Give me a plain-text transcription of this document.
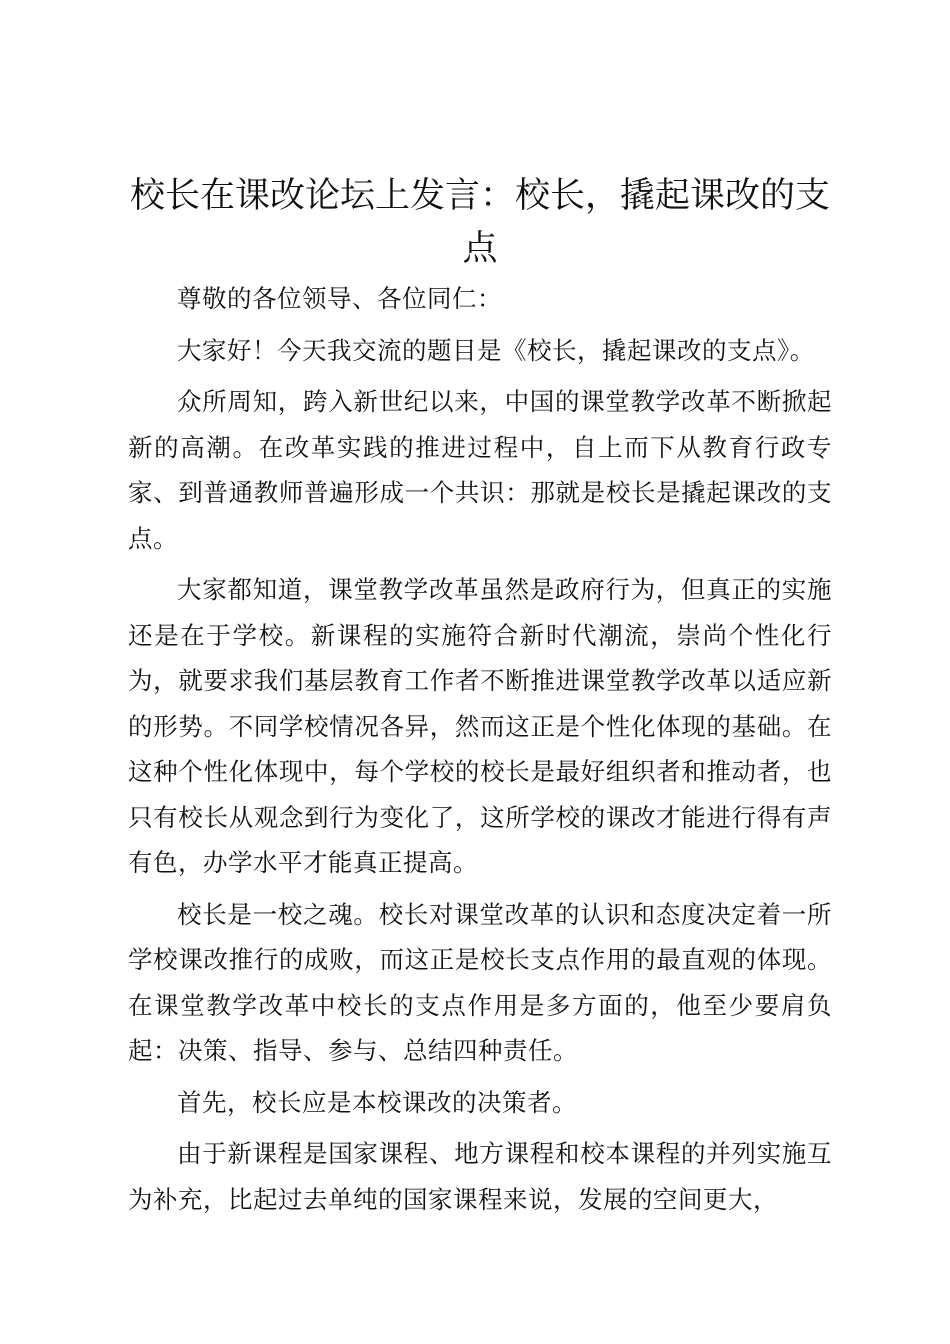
校长在课改论坛上发言：校长，撬起课改的支点

尊敬的各位领导、各位同仁：

大家好！今天我交流的题目是《校长，撬起课改的支点》。

众所周知，跨入新世纪以来，中国的课堂教学改革不断掀起新的高潮。在改革实践的推进过程中，自上而下从教育行政专家、到普通教师普遍形成一个共识：那就是校长是撬起课改的支点。

大家都知道，课堂教学改革虽然是政府行为，但真正的实施还是在于学校。新课程的实施符合新时代潮流，崇尚个性化行为，就要求我们基层教育工作者不断推进课堂教学改革以适应新的形势。不同学校情况各异，然而这正是个性化体现的基础。在这种个性化体现中，每个学校的校长是最好组织者和推动者，也只有校长从观念到行为变化了，这所学校的课改才能进行得有声有色，办学水平才能真正提高。

校长是一校之魂。校长对课堂改革的认识和态度决定着一所学校课改推行的成败，而这正是校长支点作用的最直观的体现。在课堂教学改革中校长的支点作用是多方面的，他至少要肩负起：决策、指导、参与、总结四种责任。

首先，校长应是本校课改的决策者。

由于新课程是国家课程、地方课程和校本课程的并列实施互为补充，比起过去单纯的国家课程来说，发展的空间更大，
